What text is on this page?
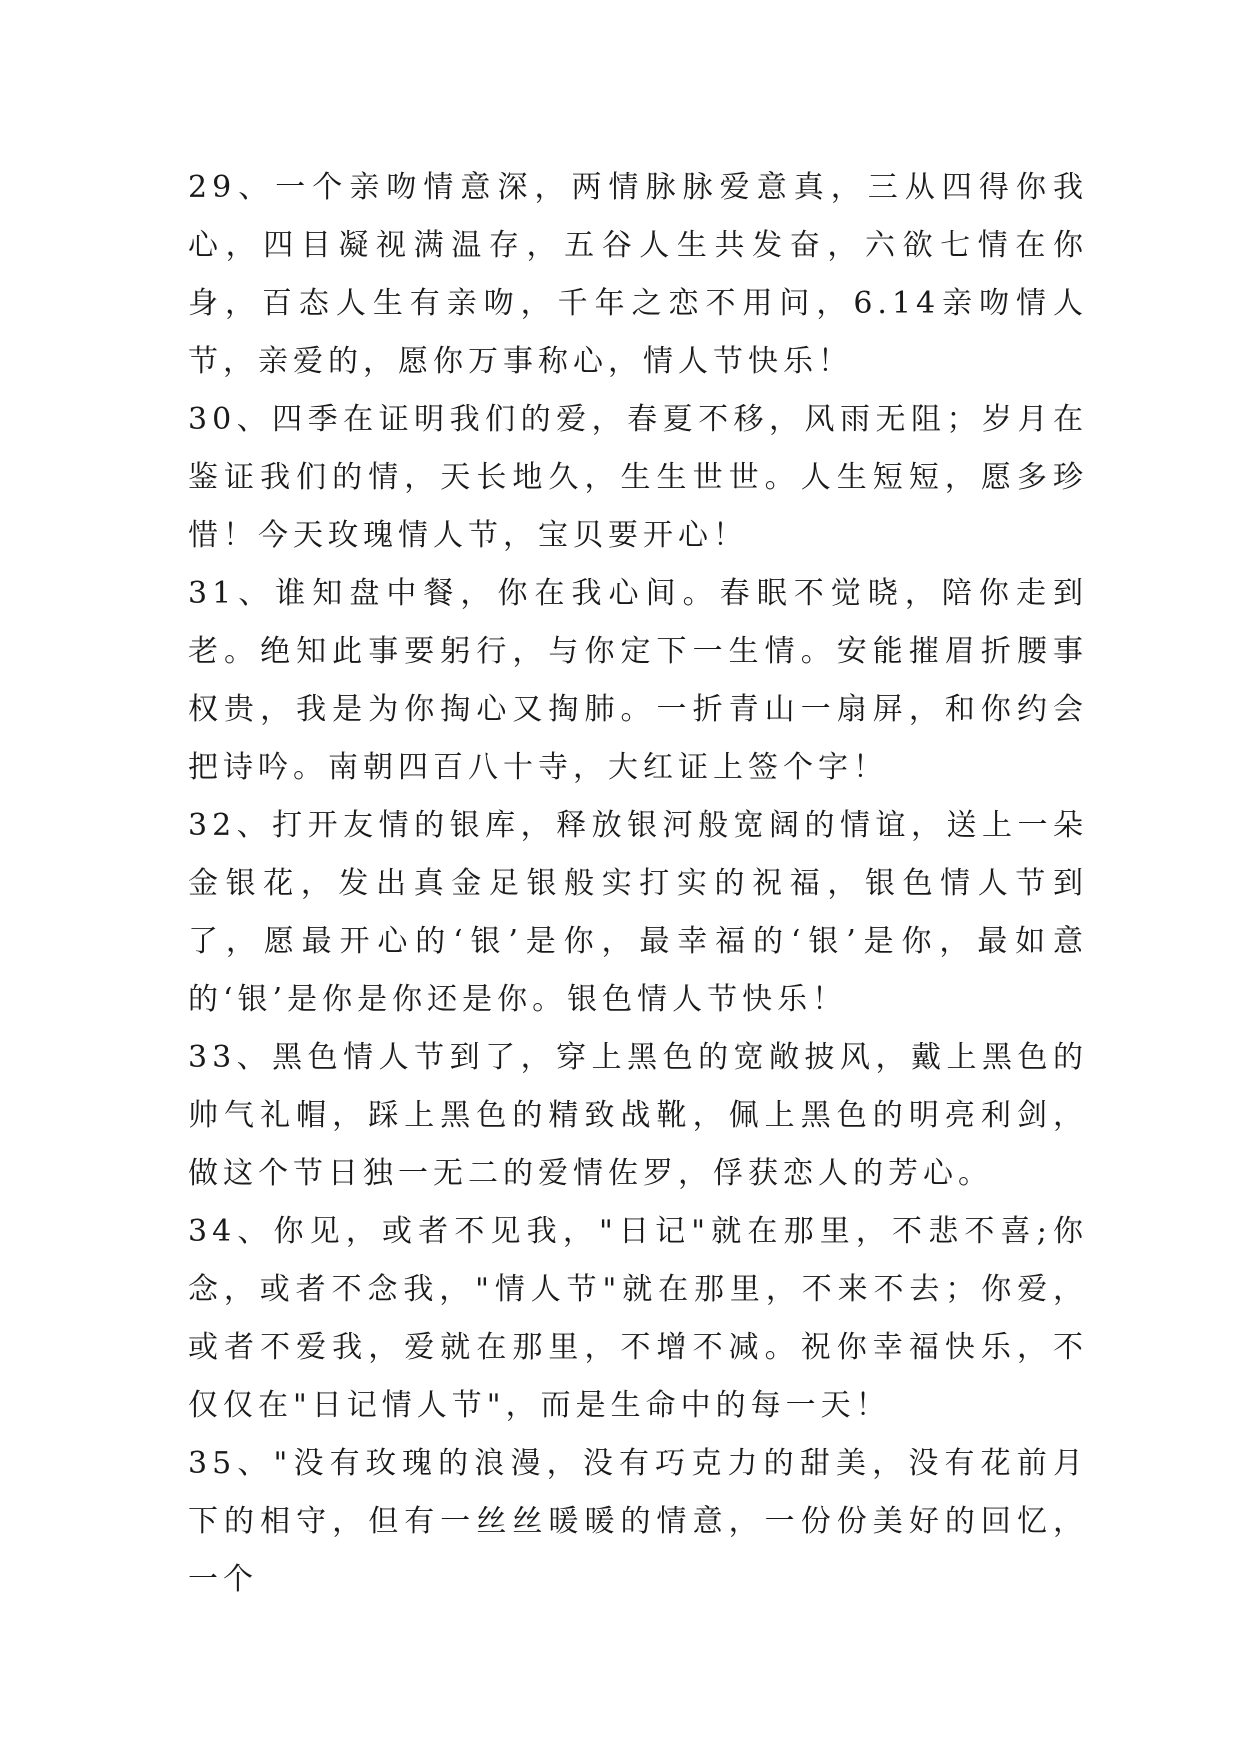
29、一个亲吻情意深，两情脉脉爱意真，三从四得你我心，四目凝视满温存，五谷人生共发奋，六欲七情在你身，百态人生有亲吻，千年之恋不用问，6.14亲吻情人节，亲爱的，愿你万事称心，情人节快乐！

30、四季在证明我们的爱，春夏不移，风雨无阻；岁月在鉴证我们的情，天长地久，生生世世。人生短短，愿多珍惜！今天玫瑰情人节，宝贝要开心！

31、谁知盘中餐，你在我心间。春眠不觉晓，陪你走到老。绝知此事要躬行，与你定下一生情。安能摧眉折腰事权贵，我是为你掏心又掏肺。一折青山一扇屏，和你约会把诗吟。南朝四百八十寺，大红证上签个字！

32、打开友情的银库，释放银河般宽阔的情谊，送上一朵金银花，发出真金足银般实打实的祝福，银色情人节到了，愿最开心的‘银’是你，最幸福的‘银’是你，最如意的‘银’是你是你还是你。银色情人节快乐！

33、黑色情人节到了，穿上黑色的宽敞披风，戴上黑色的帅气礼帽，踩上黑色的精致战靴，佩上黑色的明亮利剑，做这个节日独一无二的爱情佐罗，俘获恋人的芳心。

34、你见，或者不见我，"日记"就在那里，不悲不喜;你念，或者不念我，"情人节"就在那里，不来不去；你爱，或者不爱我，爱就在那里，不增不减。祝你幸福快乐，不仅仅在"日记情人节"，而是生命中的每一天！

35、"没有玫瑰的浪漫，没有巧克力的甜美，没有花前月下的相守，但有一丝丝暖暖的情意，一份份美好的回忆，一个
